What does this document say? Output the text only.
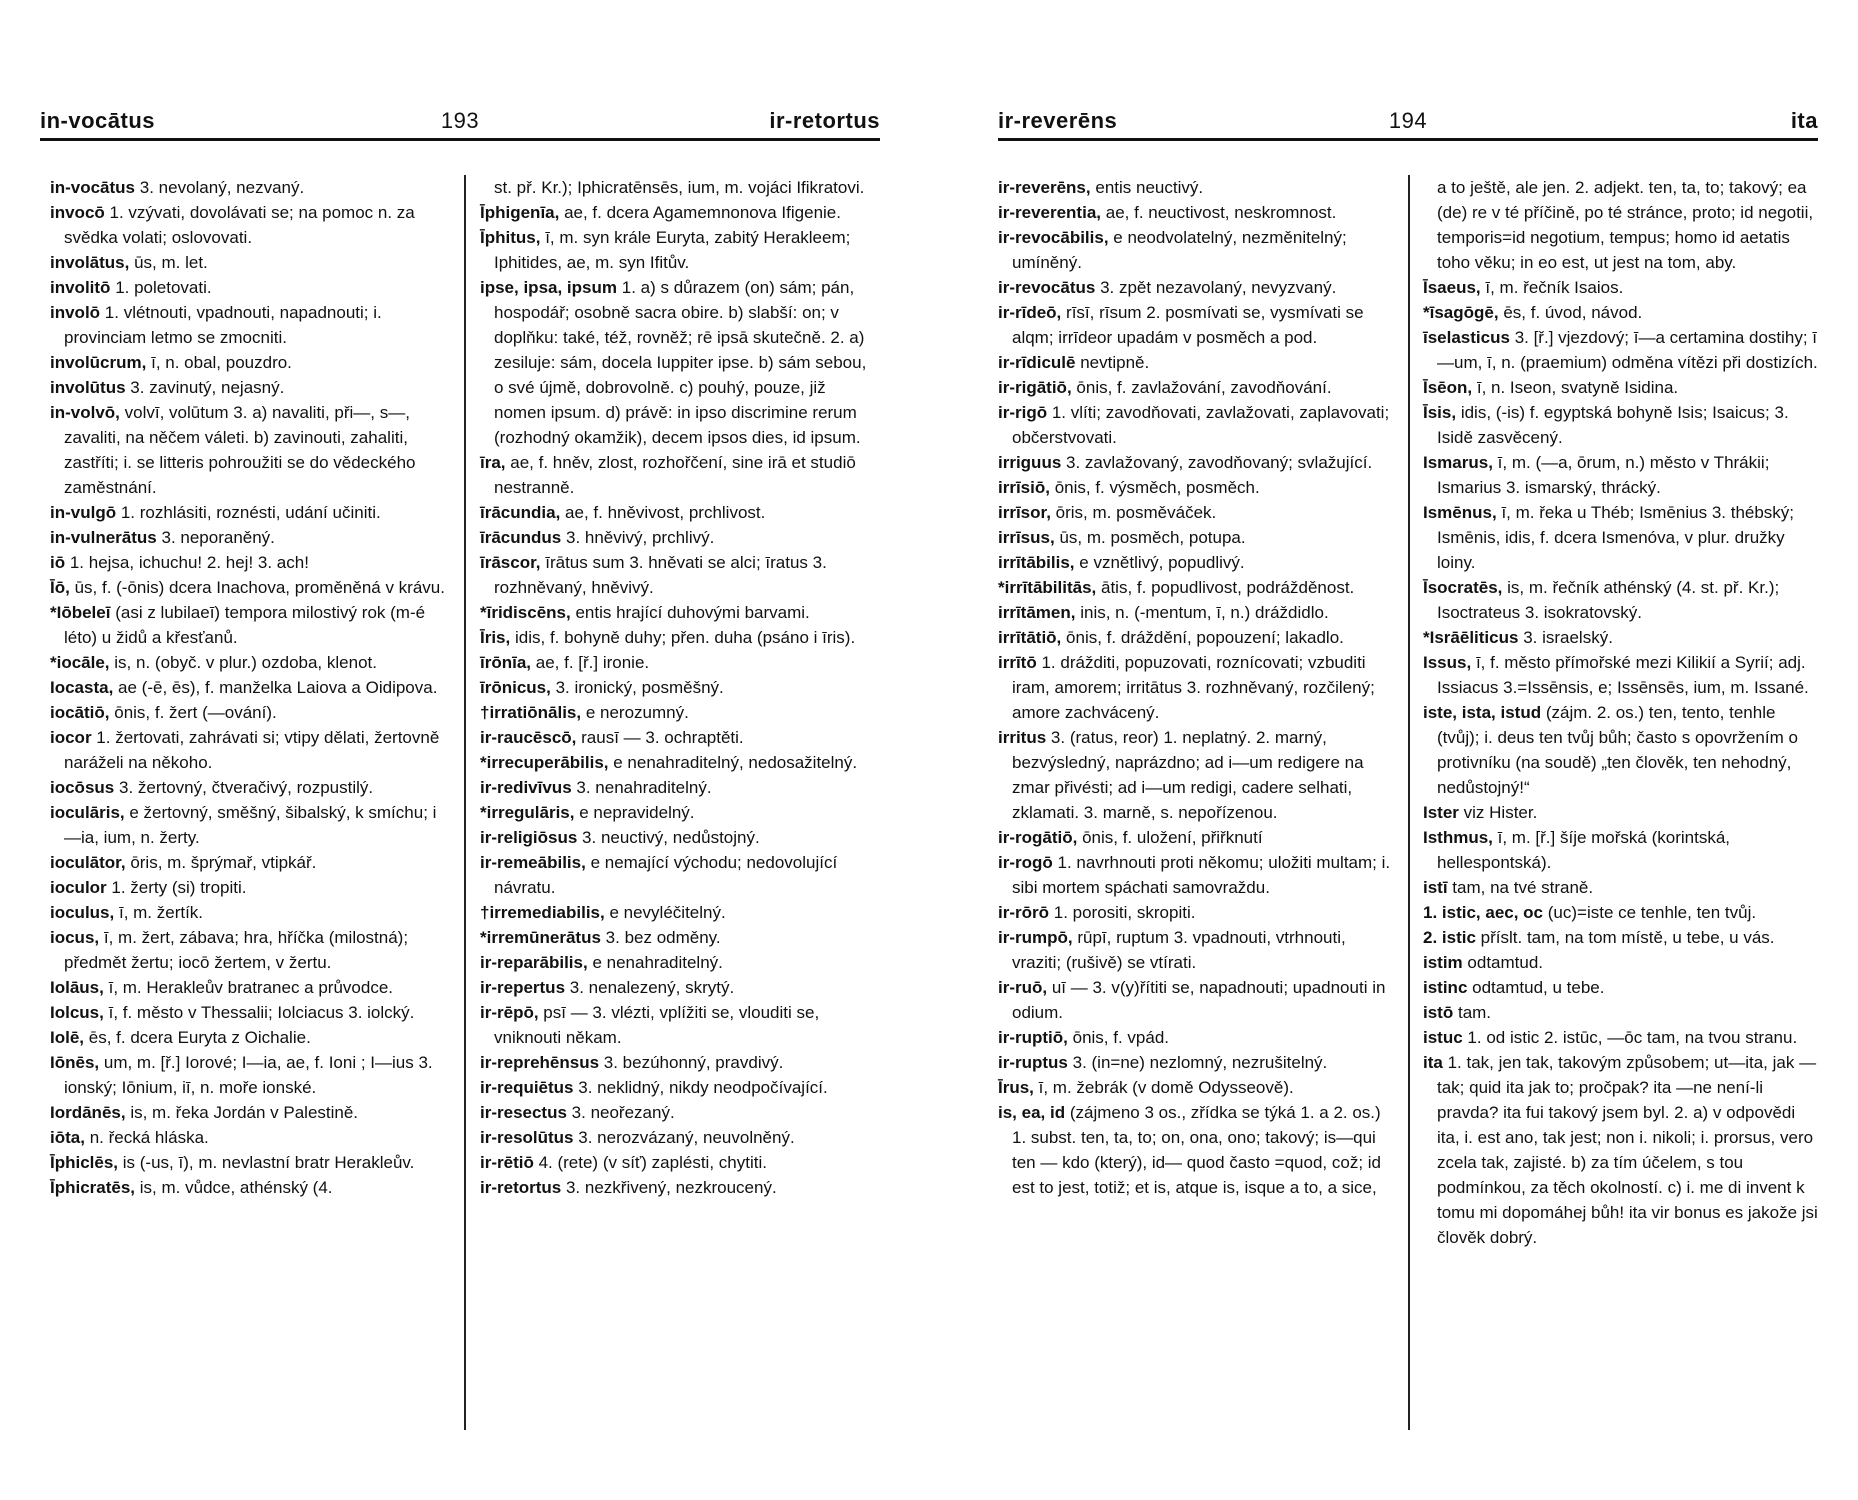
in-vocātus	193	ir-retortus

in-vocātus 3. nevolaný, nezvaný.

invocō 1. vzývati, dovolávati se; na pomoc n. za svědka volati; oslovovati.

involātus, ūs, m. let.

involitō 1. poletovati.

involō 1. vlétnouti, vpadnouti, napadnouti; i. provinciam letmo se zmocniti.

involūcrum, ī, n. obal, pouzdro.

involūtus 3. zavinutý, nejasný.

in-volvō, volvī, volūtum 3. a) navaliti, při—, s—, zavaliti, na něčem váleti. b) zavinouti, zahaliti, zastříti; i. se litteris pohroužiti se do vědeckého zaměstnání.

in-vulgō 1. rozhlásiti, roznésti, udání učiniti.

in-vulnerātus 3. neporaněný.

iō 1. hejsa, ichuchu! 2. hej! 3. ach!

Īō, ūs, f. (-ōnis) dcera Inachova, proměněná v krávu.

*Iōbeleī (asi z lubilaeī) tempora milostivý rok (m-é léto) u židů a křesťanů.

*iocāle, is, n. (obyč. v plur.) ozdoba, klenot.

Iocasta, ae (-ē, ēs), f. manželka Laiova a Oidipova.

iocātiō, ōnis, f. žert (—ování).

iocor 1. žertovati, zahrávati si; vtipy dělati, žertovně naráželi na někoho.

iocōsus 3. žertovný, čtveračivý, rozpustilý.

ioculāris, e žertovný, směšný, šibalský, k smíchu; i—ia, ium, n. žerty.

ioculātor, ōris, m. šprýmař, vtipkář.

ioculor 1. žerty (si) tropiti.

ioculus, ī, m. žertík.

iocus, ī, m. žert, zábava; hra, hříčka (milostná); předmět žertu; iocō žertem, v žertu.

Iolāus, ī, m. Herakleův bratranec a průvodce.

Iolcus, ī, f. město v Thessalii; Iolciacus 3. iolcký.

Iolē, ēs, f. dcera Euryta z Oichalie.

Iōnēs, um, m. [ř.] Iorové; I—ia, ae, f. Ioni ; I—ius 3. ionský; Iōnium, iī, n. moře ionské.

Iordānēs, is, m. řeka Jordán v Palestině.

iōta, n. řecká hláska.

Īphiclēs, is (-us, ī), m. nevlastní bratr Herakleův.

Īphicratēs, is, m. vůdce, athénský (4.

st. př. Kr.); Iphicratēnsēs, ium, m. vojáci Ifikratovi.

Īphigenīa, ae, f. dcera Agamemnonova Ifigenie.

Īphitus, ī, m. syn krále Euryta, zabitý Herakleem; Iphitides, ae, m. syn Ifitův.

ipse, ipsa, ipsum 1. a) s důrazem (on) sám; pán, hospodář; osobně sacra obire. b) slabší: on; v doplňku: také, též, rovněž; rē ipsā skutečně. 2. a) zesiluje: sám, docela Iuppiter ipse. b) sám sebou, o své újmě, dobrovolně. c) pouhý, pouze, již nomen ipsum. d) právě: in ipso discrimine rerum (rozhodný okamžik), decem ipsos dies, id ipsum.

īra, ae, f. hněv, zlost, rozhořčení, sine irā et studiō nestranně.

īrācundia, ae, f. hněvivost, prchlivost.

īrācundus 3. hněvivý, prchlivý.

īrāscor, īrātus sum 3. hněvati se alci; īratus 3. rozhněvaný, hněvivý.

*īridiscēns, entis hrající duhovými barvami.

Īris, idis, f. bohyně duhy; přen. duha (psáno i īris).

īrōnīa, ae, f. [ř.] ironie.

īrōnicus, 3. ironický, posměšný.

†irratiōnālis, e nerozumný.

ir-raucēscō, rausī — 3. ochraptěti.

*irrecuperābilis, e nenahraditelný, nedosažitelný.

ir-redivīvus 3. nenahraditelný.

*irregulāris, e nepravidelný.

ir-religiōsus 3. neuctivý, nedůstojný.

ir-remeābilis, e nemající východu; nedovolující návratu.

†irremediabilis, e nevyléčitelný.

*irremūnerātus 3. bez odměny.

ir-reparābilis, e nenahraditelný.

ir-repertus 3. nenalezený, skrytý.

ir-rēpō, psī — 3. vlézti, vplížiti se, vlouditi se, vniknouti někam.

ir-reprehēnsus 3. bezúhonný, pravdivý.

ir-requiētus 3. neklidný, nikdy neodpočívající.

ir-resectus 3. neořezaný.

ir-resolūtus 3. nerozvázaný, neuvolněný.

ir-rētiō 4. (rete) (v síť) zaplésti, chytiti.

ir-retortus 3. nezkřivený, nezkroucený.

ir-reverēns	194	ita

ir-reverēns, entis neuctivý.

ir-reverentia, ae, f. neuctivost, neskromnost.

ir-revocābilis, e neodvolatelný, nezměnitelný; umíněný.

ir-revocātus 3. zpět nezavolaný, nevyzvaný.

ir-rīdeō, rīsī, rīsum 2. posmívati se, vysmívati se alqm; irrīdeor upadám v posměch a pod.

ir-rīdiculē nevtipně.

ir-rigātiō, ōnis, f. zavlažování, zavodňování.

ir-rigō 1. vlíti; zavodňovati, zavlažovati, zaplavovati; občerstvovati.

irriguus 3. zavlažovaný, zavodňovaný; svlažující.

irrīsiō, ōnis, f. výsměch, posměch.

irrīsor, ōris, m. posměváček.

irrīsus, ūs, m. posměch, potupa.

irrītābilis, e vznětlivý, popudlivý.

*irrītābilitās, ātis, f. popudlivost, podrážděnost.

irrītāmen, inis, n. (-mentum, ī, n.) dráždidlo.

irrītātiō, ōnis, f. dráždění, popouzení; lakadlo.

irrītō 1. drážditi, popuzovati, roznícovati; vzbuditi iram, amorem; irritātus 3. rozhněvaný, rozčilený; amore zachvácený.

irritus 3. (ratus, reor) 1. neplatný. 2. marný, bezvýsledný, naprázdno; ad i—um redigere na zmar přivésti; ad i—um redigi, cadere selhati, zklamati. 3. marně, s. nepořízenou.

ir-rogātiō, ōnis, f. uložení, přiřknutí

ir-rogō 1. navrhnouti proti někomu; uložiti multam; i. sibi mortem spáchati samovraždu.

ir-rōrō 1. porositi, skropiti.

ir-rumpō, rūpī, ruptum 3. vpadnouti, vtrhnouti, vraziti; (rušivě) se vtírati.

ir-ruō, uī — 3. v(y)řítiti se, napadnouti; upadnouti in odium.

ir-ruptiō, ōnis, f. vpád.

ir-ruptus 3. (in=ne) nezlomný, nezrušitelný.

Īrus, ī, m. žebrák (v domě Odysseově).

is, ea, id (zájmeno 3 os., zřídka se týká 1. a 2. os.) 1. subst. ten, ta, to; on, ona, ono; takový; is—qui ten — kdo (který), id— quod často =quod, což; id est to jest, totiž; et is, atque is, isque a to, a sice,

a to ještě, ale jen. 2. adjekt. ten, ta, to; takový; ea (de) re v té příčině, po té stránce, proto; id negotii, temporis=id negotium, tempus; homo id aetatis toho věku; in eo est, ut jest na tom, aby.

Īsaeus, ī, m. řečník Isaios.

*īsagōgē, ēs, f. úvod, návod.

īselasticus 3. [ř.] vjezdový; ī—a certamina dostihy; ī—um, ī, n. (praemium) odměna vítězi při dostizích.

Īsēon, ī, n. Iseon, svatyně Isidina.

Īsis, idis, (-is) f. egyptská bohyně Isis; Isaicus; 3. Isidě zasvěcený.

Ismarus, ī, m. (—a, ōrum, n.) město v Thrákii; Ismarius 3. ismarský, thrácký.

Ismēnus, ī, m. řeka u Théb; Ismēnius 3. thébský; Ismēnis, idis, f. dcera Ismenóva, v plur. družky loiny.

Īsocratēs, is, m. řečník athénský (4. st. př. Kr.); Isoctrateus 3. isokratovský.

*Isrāēliticus 3. israelský.

Issus, ī, f. město přímořské mezi Kilikií a Syrií; adj. Issiacus 3.=Issēnsis, e; Issēnsēs, ium, m. Issané.

iste, ista, istud (zájm. 2. os.) ten, tento, tenhle (tvůj); i. deus ten tvůj bůh; často s opovržením o protivníku (na soudě) „ten člověk, ten nehodný, nedůstojný!“

Ister viz Hister.

Isthmus, ī, m. [ř.] šíje mořská (korintská, hellespontská).

istī tam, na tvé straně.

1. istic, aec, oc (uc)=iste ce tenhle, ten tvůj.

2. istic příslt. tam, na tom místě, u tebe, u vás.

istim odtamtud.

istinc odtamtud, u tebe.

istō tam.

istuc 1. od istic 2. istūc, —ōc tam, na tvou stranu.

ita 1. tak, jen tak, takovým způsobem; ut—ita, jak — tak; quid ita jak to; pročpak? ita —ne není-li pravda? ita fui takový jsem byl. 2. a) v odpovědi ita, i. est ano, tak jest; non i. nikoli; i. prorsus, vero zcela tak, zajisté. b) za tím účelem, s tou podmínkou, za těch okolností. c) i. me di invent k tomu mi dopomáhej bůh! ita vir bonus es jakože jsi člověk dobrý.
